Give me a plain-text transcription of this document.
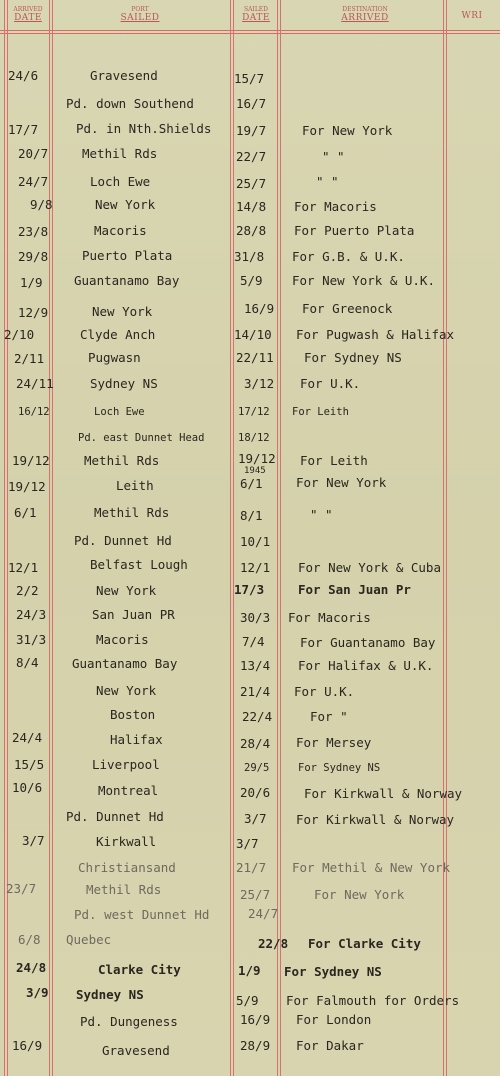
ARRIVED
DATE
PORT
SAILED
SAILED
DATE
DESTINATION
ARRIVED	WRI
24/6	Gravesend	15/7
Pd. down Southend	16/7
17/7	Pd. in Nth.Shields 19/7	For New York
20/7	Methil Rds	22/7	" "
24/7	Loch Ewe	25/7	" "
9/8	New York	14/8 For Macoris
23/8	Macoris	28/8 For Puerto Plata
29/8	Puerto Plata	31/8 For G.B. & U.K.
1/9	Guantanamo Bay	5/9 For New York & U.K.
12/9	New York	16/9 For Greenock
2/10	Clyde Anch	14/10 For Pugwash & Halifax
2/11	Pugwasn	22/11 For Sydney NS
24/11	Sydney NS	3/12 For U.K.
16/12	Loch Ewe	17/12 For Leith
Pd. east Dunnet Head	18/12
19/12	Methil Rds	19/12 For Leith
1945
19/12	Leith	6/1	For New York
6/1	Methil Rds	8/1	" "
Pd. Dunnet Hd	10/1
12/1	Belfast Lough	12/1 For New York & Cuba
2/2	New York	17/3	For San Juan Pr
24/3	San Juan PR	30/3 For Macoris
31/3	Macoris	7/4	For Guantanamo Bay
8/4	Guantanamo Bay	13/4 For Halifax & U.K.
New York	21/4 For U.K.
Boston	22/4	For "
24/4	Halifax	28/4 For Mersey
15/5	Liverpool	29/5	For Sydney NS
10/6	Montreal	20/6	For Kirkwall & Norway
Pd. Dunnet Hd	3/7 For Kirkwall & Norway
3/7	Kirkwall	3/7
Christiansand	21/7 For Methil & New York
23/7	Methil Rds	25/7	For New York
Pd. west Dunnet Hd	24/7
6/8 Quebec	22/8 For Clarke City
24/8	Clarke City	1/9 For Sydney NS
3/9 Sydney NS	5/9 For Falmouth for Orders
Pd. Dungeness	16/9 For London
16/9	Gravesend	28/9 For Dakar
